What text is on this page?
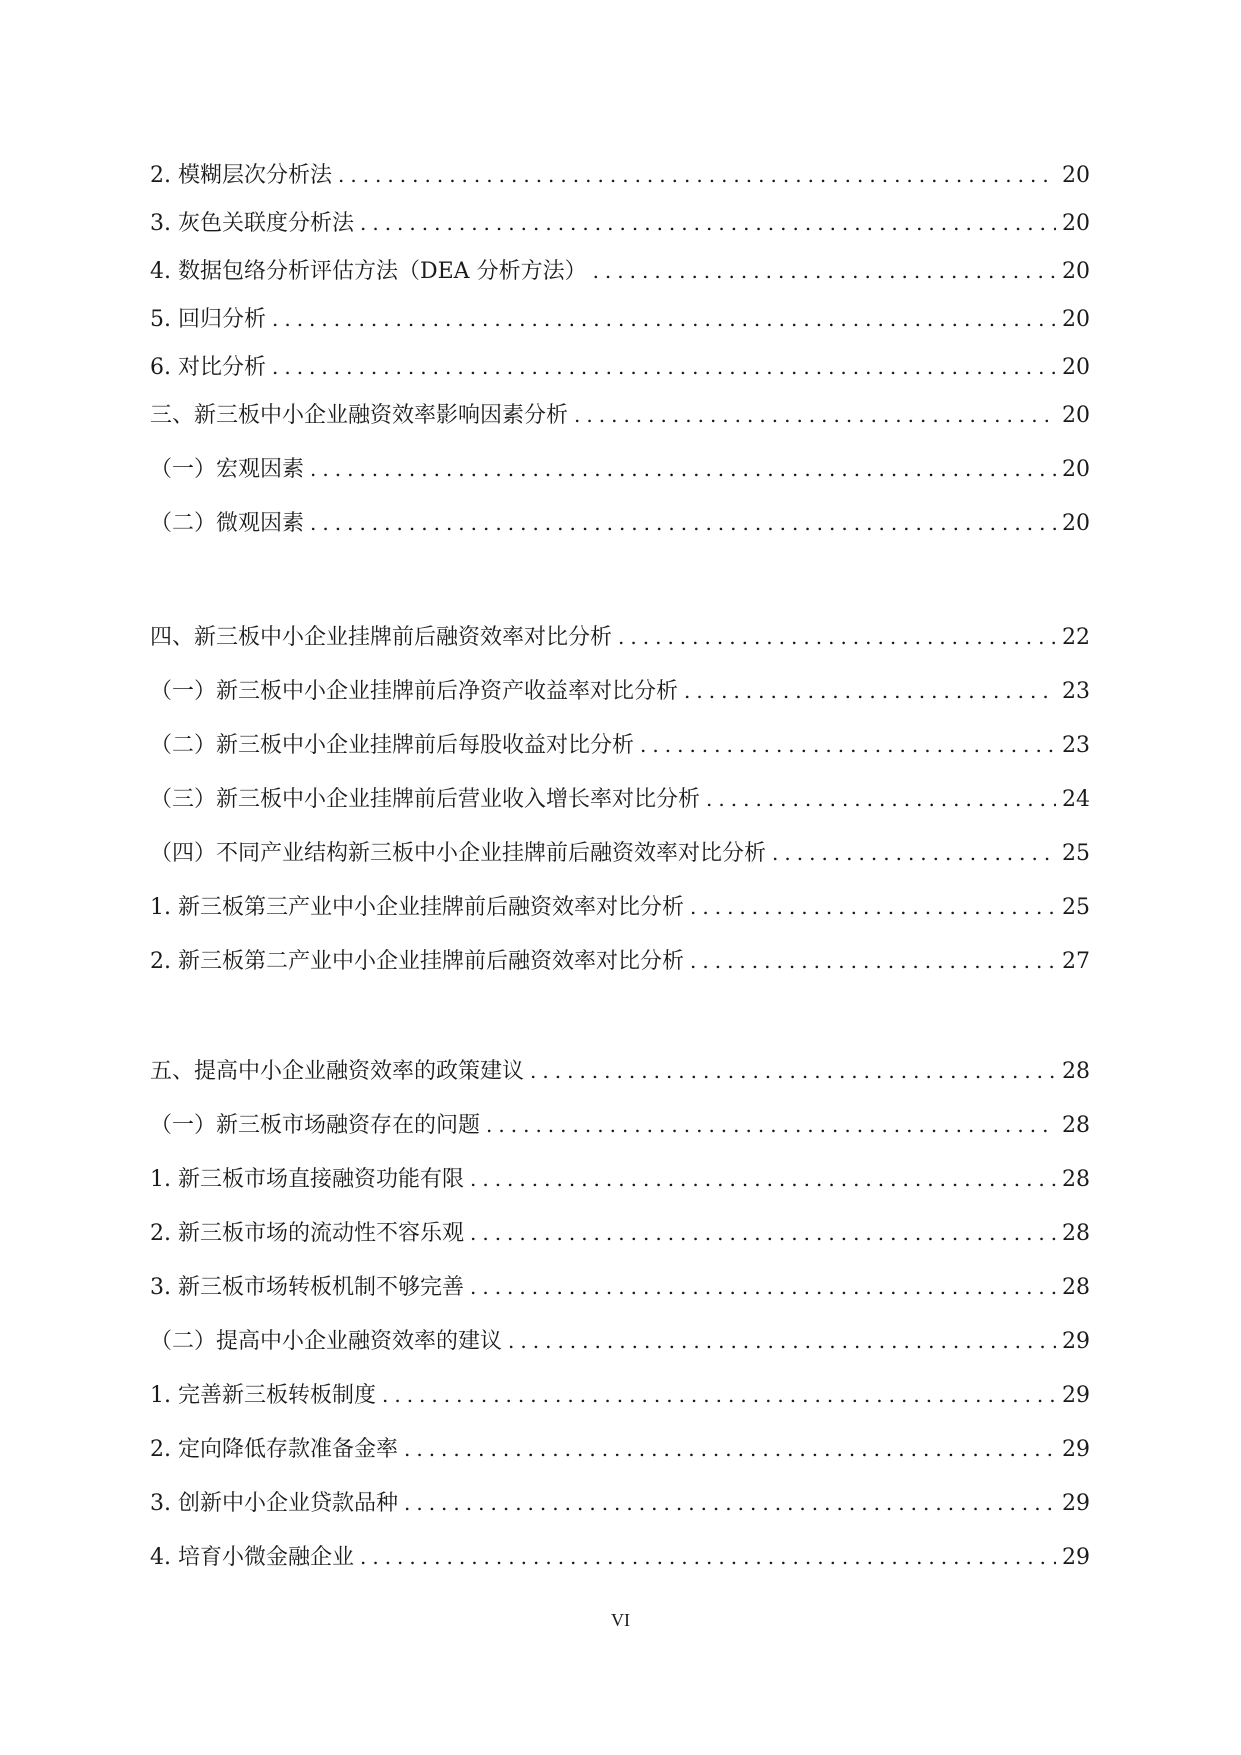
2. 模糊层次分析法 .....	20
3. 灰色关联度分析法 .....	20
4. 数据包络分析评估方法（DEA 分析方法） .....	20
5. 回归分析 .....	20
6. 对比分析 .....	20
三、新三板中小企业融资效率影响因素分析 .....	20
（一）宏观因素 .....	20
（二）微观因素 .....	20
四、新三板中小企业挂牌前后融资效率对比分析 .....	22
（一）新三板中小企业挂牌前后净资产收益率对比分析 .....	23
（二）新三板中小企业挂牌前后每股收益对比分析 .....	23
（三）新三板中小企业挂牌前后营业收入增长率对比分析 .....	24
（四）不同产业结构新三板中小企业挂牌前后融资效率对比分析 .....	25
1. 新三板第三产业中小企业挂牌前后融资效率对比分析 .....	25
2. 新三板第二产业中小企业挂牌前后融资效率对比分析 .....	27
五、提高中小企业融资效率的政策建议 .....	28
（一）新三板市场融资存在的问题 .....	28
1. 新三板市场直接融资功能有限 .....	28
2. 新三板市场的流动性不容乐观 .....	28
3. 新三板市场转板机制不够完善 .....	28
（二）提高中小企业融资效率的建议 .....	29
1. 完善新三板转板制度 .....	29
2. 定向降低存款准备金率 .....	29
3. 创新中小企业贷款品种 .....	29
4. 培育小微金融企业 .....	29
VI
